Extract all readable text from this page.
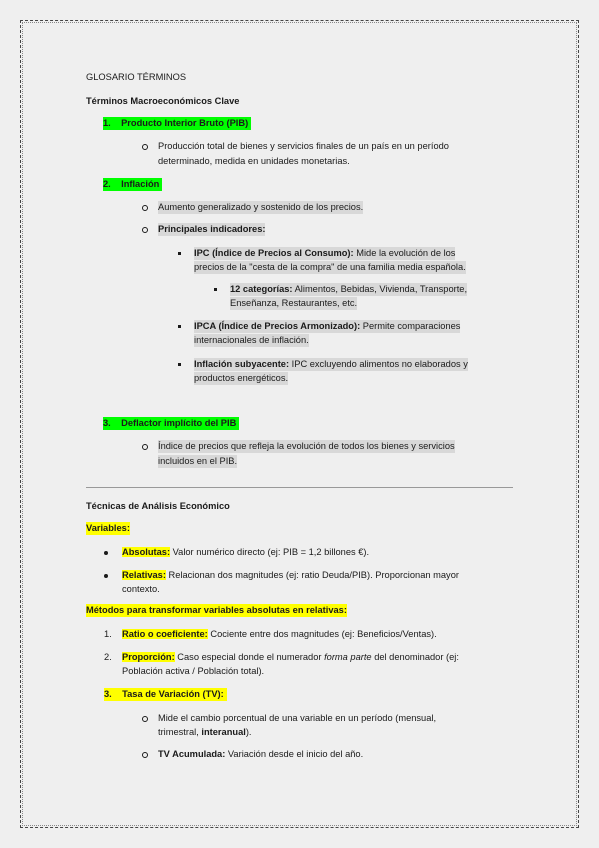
GLOSARIO TÉRMINOS
Términos Macroeconómicos Clave
1. Producto Interior Bruto (PIB)
Producción total de bienes y servicios finales de un país en un período
determinado, medida en unidades monetarias.
2. Inflación
Aumento generalizado y sostenido de los precios.
Principales indicadores:
IPC (Índice de Precios al Consumo): Mide la evolución de los
precios de la "cesta de la compra" de una familia media española.
12 categorías: Alimentos, Bebidas, Vivienda, Transporte,
Enseñanza, Restaurantes, etc.
IPCA (Índice de Precios Armonizado): Permite comparaciones
internacionales de inflación.
Inflación subyacente: IPC excluyendo alimentos no elaborados y
productos energéticos.
3. Deflactor implícito del PIB
Índice de precios que refleja la evolución de todos los bienes y servicios
incluidos en el PIB.
Técnicas de Análisis Económico
Variables:
Absolutas: Valor numérico directo (ej: PIB = 1,2 billones €).
Relativas: Relacionan dos magnitudes (ej: ratio Deuda/PIB). Proporcionan mayor
contexto.
Métodos para transformar variables absolutas en relativas:
1. Ratio o coeficiente: Cociente entre dos magnitudes (ej: Beneficios/Ventas).
2. Proporción: Caso especial donde el numerador forma parte del denominador (ej:
Población activa / Población total).
3. Tasa de Variación (TV):
Mide el cambio porcentual de una variable en un período (mensual,
trimestral, interanual).
TV Acumulada: Variación desde el inicio del año.
